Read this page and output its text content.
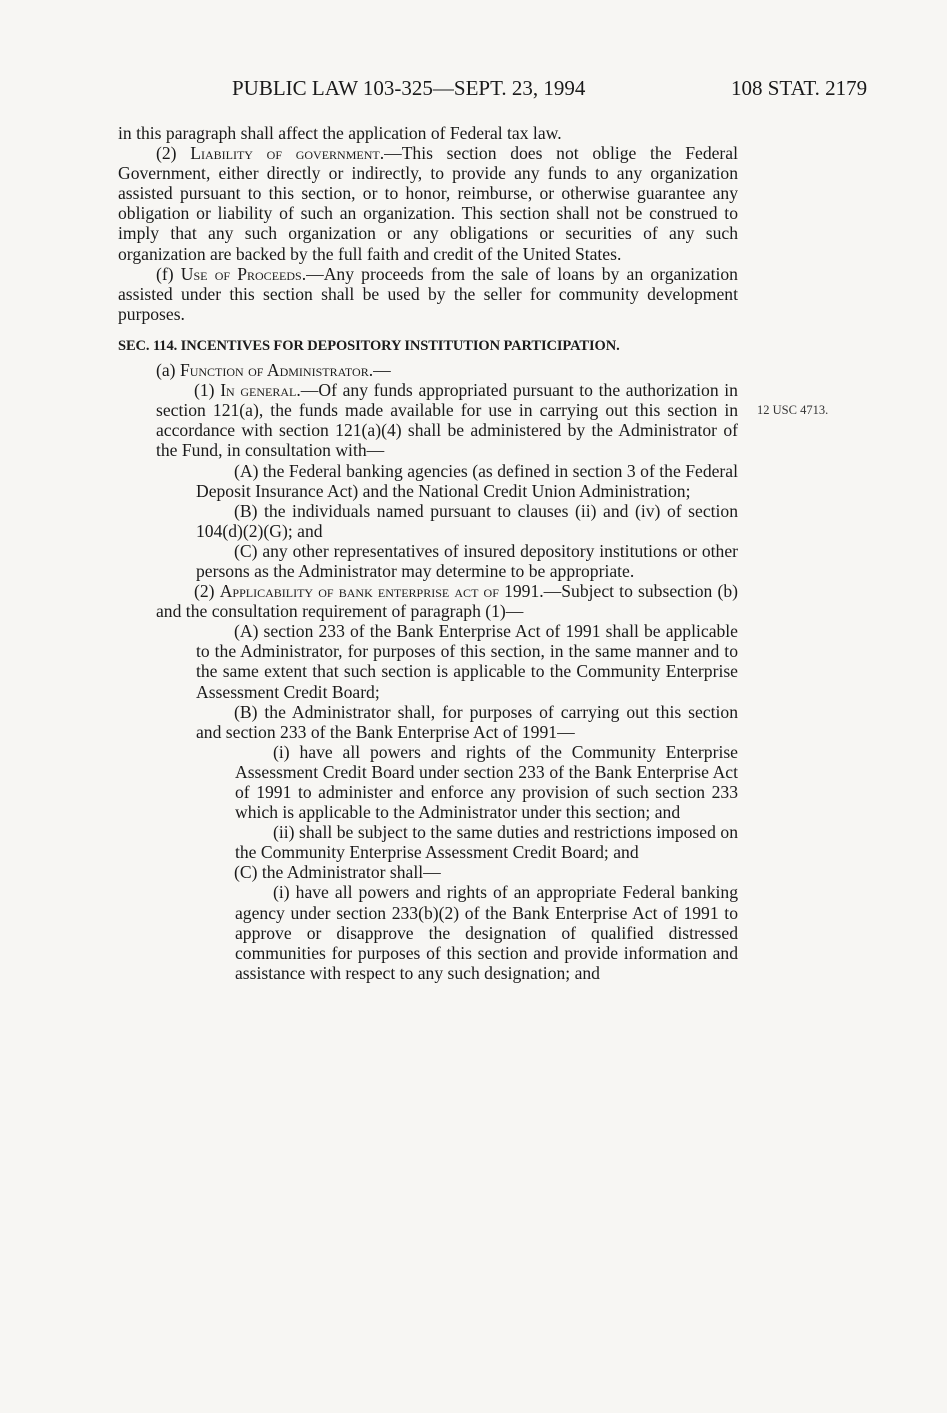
PUBLIC LAW 103-325—SEPT. 23, 1994	108 STAT. 2179
12 USC 4713.

in this paragraph shall affect the application of Federal tax law.

(2) Liability of government.—This section does not oblige the Federal Government, either directly or indirectly, to provide any funds to any organization assisted pursuant to this section, or to honor, reimburse, or otherwise guarantee any obligation or liability of such an organization. This section shall not be construed to imply that any such organization or any obligations or securities of any such organization are backed by the full faith and credit of the United States.

(f) Use of Proceeds.—Any proceeds from the sale of loans by an organization assisted under this section shall be used by the seller for community development purposes.

SEC. 114. INCENTIVES FOR DEPOSITORY INSTITUTION PARTICIPATION.

(a) Function of Administrator.—

(1) In general.—Of any funds appropriated pursuant to the authorization in section 121(a), the funds made available for use in carrying out this section in accordance with section 121(a)(4) shall be administered by the Administrator of the Fund, in consultation with—

(A) the Federal banking agencies (as defined in section 3 of the Federal Deposit Insurance Act) and the National Credit Union Administration;

(B) the individuals named pursuant to clauses (ii) and (iv) of section 104(d)(2)(G); and

(C) any other representatives of insured depository institutions or other persons as the Administrator may determine to be appropriate.

(2) Applicability of bank enterprise act of 1991.—Subject to subsection (b) and the consultation requirement of paragraph (1)—

(A) section 233 of the Bank Enterprise Act of 1991 shall be applicable to the Administrator, for purposes of this section, in the same manner and to the same extent that such section is applicable to the Community Enterprise Assessment Credit Board;

(B) the Administrator shall, for purposes of carrying out this section and section 233 of the Bank Enterprise Act of 1991—

(i) have all powers and rights of the Community Enterprise Assessment Credit Board under section 233 of the Bank Enterprise Act of 1991 to administer and enforce any provision of such section 233 which is applicable to the Administrator under this section; and

(ii) shall be subject to the same duties and restrictions imposed on the Community Enterprise Assessment Credit Board; and

(C) the Administrator shall—

(i) have all powers and rights of an appropriate Federal banking agency under section 233(b)(2) of the Bank Enterprise Act of 1991 to approve or disapprove the designation of qualified distressed communities for purposes of this section and provide information and assistance with respect to any such designation; and
